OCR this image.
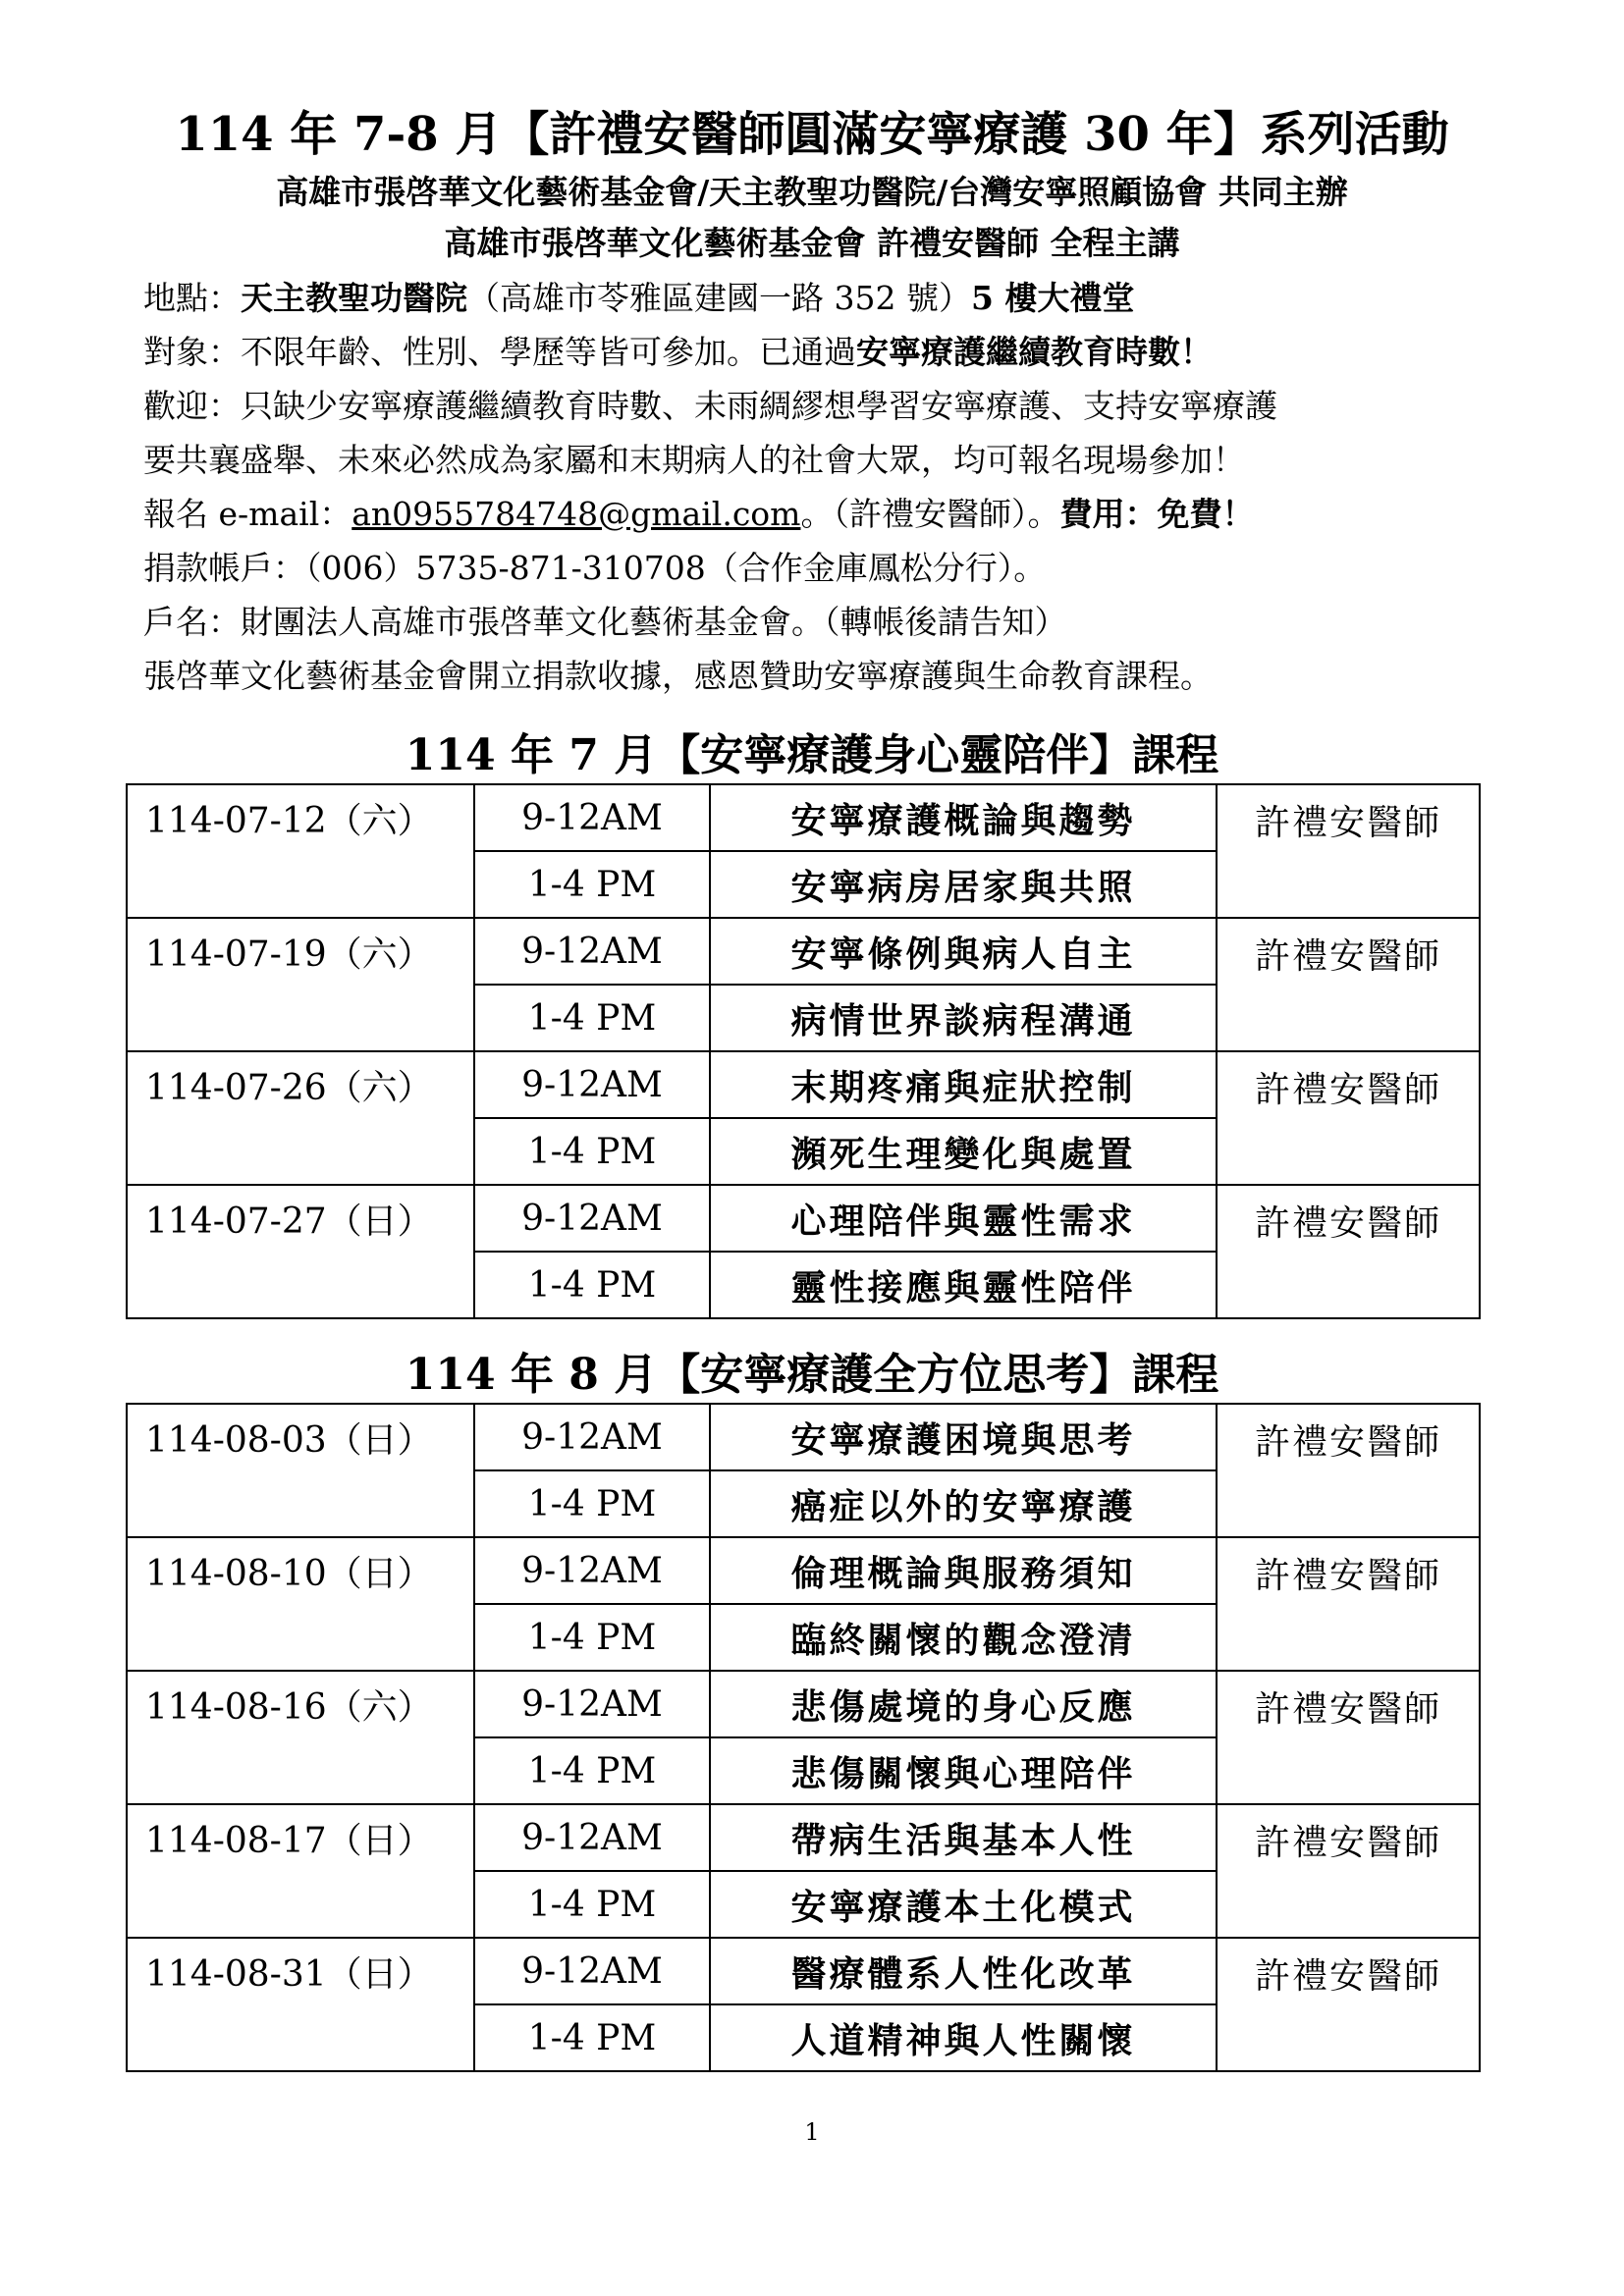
114 年 7-8 月【許禮安醫師圓滿安寧療護 30 年】系列活動
高雄市張啓華文化藝術基金會/天主教聖功醫院/台灣安寧照顧協會 共同主辦
高雄市張啓華文化藝術基金會 許禮安醫師 全程主講
地點：天主教聖功醫院（高雄市苓雅區建國一路 352 號）5 樓大禮堂
對象：不限年齡、性別、學歷等皆可參加。已通過安寧療護繼續教育時數！
歡迎：只缺少安寧療護繼續教育時數、未雨綢繆想學習安寧療護、支持安寧療護
要共襄盛舉、未來必然成為家屬和末期病人的社會大眾，均可報名現場參加！
報名 e-mail：an0955784748@gmail.com。（許禮安醫師）。費用：免費！
捐款帳戶：（006）5735-871-310708（合作金庫鳳松分行）。
戶名：財團法人高雄市張啓華文化藝術基金會。（轉帳後請告知）
張啓華文化藝術基金會開立捐款收據，感恩贊助安寧療護與生命教育課程。
114 年 7 月【安寧療護身心靈陪伴】課程
114-07-12（六）	9-12AM	安寧療護概論與趨勢	許禮安醫師
	1-4 PM	安寧病房居家與共照	
114-07-19（六）	9-12AM	安寧條例與病人自主	許禮安醫師
	1-4 PM	病情世界談病程溝通	
114-07-26（六）	9-12AM	末期疼痛與症狀控制	許禮安醫師
	1-4 PM	瀕死生理變化與處置	
114-07-27（日）	9-12AM	心理陪伴與靈性需求	許禮安醫師
	1-4 PM	靈性接應與靈性陪伴	
114 年 8 月【安寧療護全方位思考】課程
114-08-03（日）	9-12AM	安寧療護困境與思考	許禮安醫師
	1-4 PM	癌症以外的安寧療護	
114-08-10（日）	9-12AM	倫理概論與服務須知	許禮安醫師
	1-4 PM	臨終關懷的觀念澄清	
114-08-16（六）	9-12AM	悲傷處境的身心反應	許禮安醫師
	1-4 PM	悲傷關懷與心理陪伴	
114-08-17（日）	9-12AM	帶病生活與基本人性	許禮安醫師
	1-4 PM	安寧療護本土化模式	
114-08-31（日）	9-12AM	醫療體系人性化改革	許禮安醫師
	1-4 PM	人道精神與人性關懷	
1
